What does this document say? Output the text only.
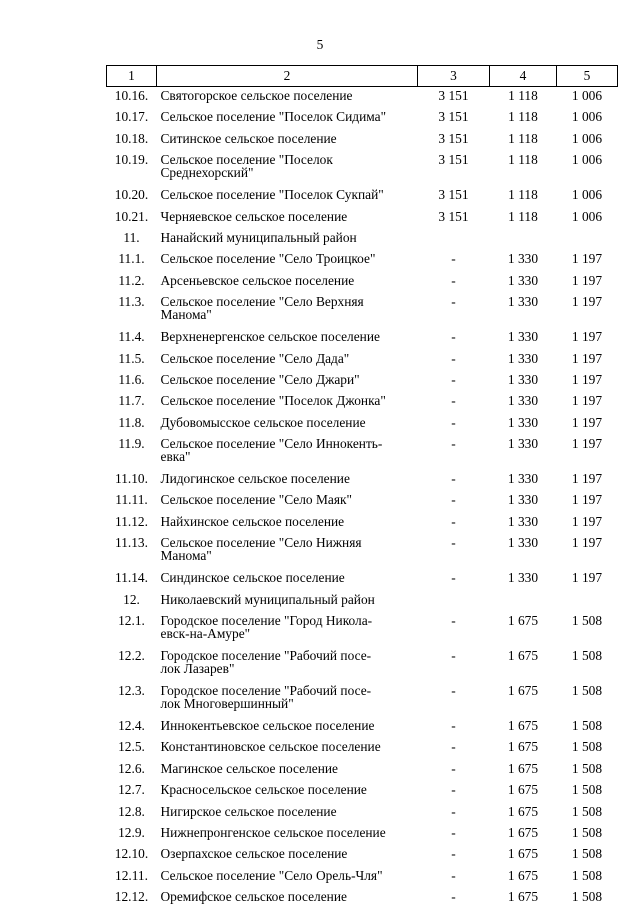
5
1	2	3	4	5
10.16.	Святогорское сельское поселение	3 151	1 118	1 006
10.17.	Сельское поселение "Поселок Сидима"	3 151	1 118	1 006
10.18.	Ситинское сельское поселение	3 151	1 118	1 006
10.19.	Сельское поселение "Поселок
Среднехорский"	3 151	1 118	1 006
10.20.	Сельское поселение "Поселок Сукпай"	3 151	1 118	1 006
10.21.	Черняевское сельское поселение	3 151	1 118	1 006
11.	Нанайский муниципальный район			

11.1.	Сельское поселение "Село Троицкое"	-	1 330	1 197
11.2.	Арсеньевское сельское поселение	-	1 330	1 197
11.3.	Сельское поселение "Село Верхняя
Манома"	-	1 330	1 197
11.4.	Верхненергенское сельское поселение	-	1 330	1 197
11.5.	Сельское поселение "Село Дада"	-	1 330	1 197
11.6.	Сельское поселение "Село Джари"	-	1 330	1 197
11.7.	Сельское поселение "Поселок Джонка"	-	1 330	1 197
11.8.	Дубовомысское сельское поселение	-	1 330	1 197
11.9.	Сельское поселение "Село Иннокенть-
евка"	-	1 330	1 197
11.10.	Лидогинское сельское поселение	-	1 330	1 197
11.11.	Сельское поселение "Село Маяк"	-	1 330	1 197
11.12.	Найхинское сельское поселение	-	1 330	1 197
11.13.	Сельское поселение "Село Нижняя
Манома"	-	1 330	1 197
11.14.	Синдинское сельское поселение	-	1 330	1 197
12.	Николаевский муниципальный район			

12.1.	Городское поселение "Город Никола-
евск-на-Амуре"	-	1 675	1 508
12.2.	Городское поселение "Рабочий посе-
лок Лазарев"	-	1 675	1 508
12.3.	Городское поселение "Рабочий посе-
лок Многовершинный"	-	1 675	1 508
12.4.	Иннокентьевское сельское поселение	-	1 675	1 508
12.5.	Константиновское сельское поселение	-	1 675	1 508
12.6.	Магинское сельское поселение	-	1 675	1 508
12.7.	Красносельское сельское поселение	-	1 675	1 508
12.8.	Нигирское сельское поселение	-	1 675	1 508
12.9.	Нижнепронгенское сельское поселение	-	1 675	1 508
12.10.	Озерпахское сельское поселение	-	1 675	1 508
12.11.	Сельское поселение "Село Орель-Чля"	-	1 675	1 508
12.12.	Оремифское сельское поселение	-	1 675	1 508
